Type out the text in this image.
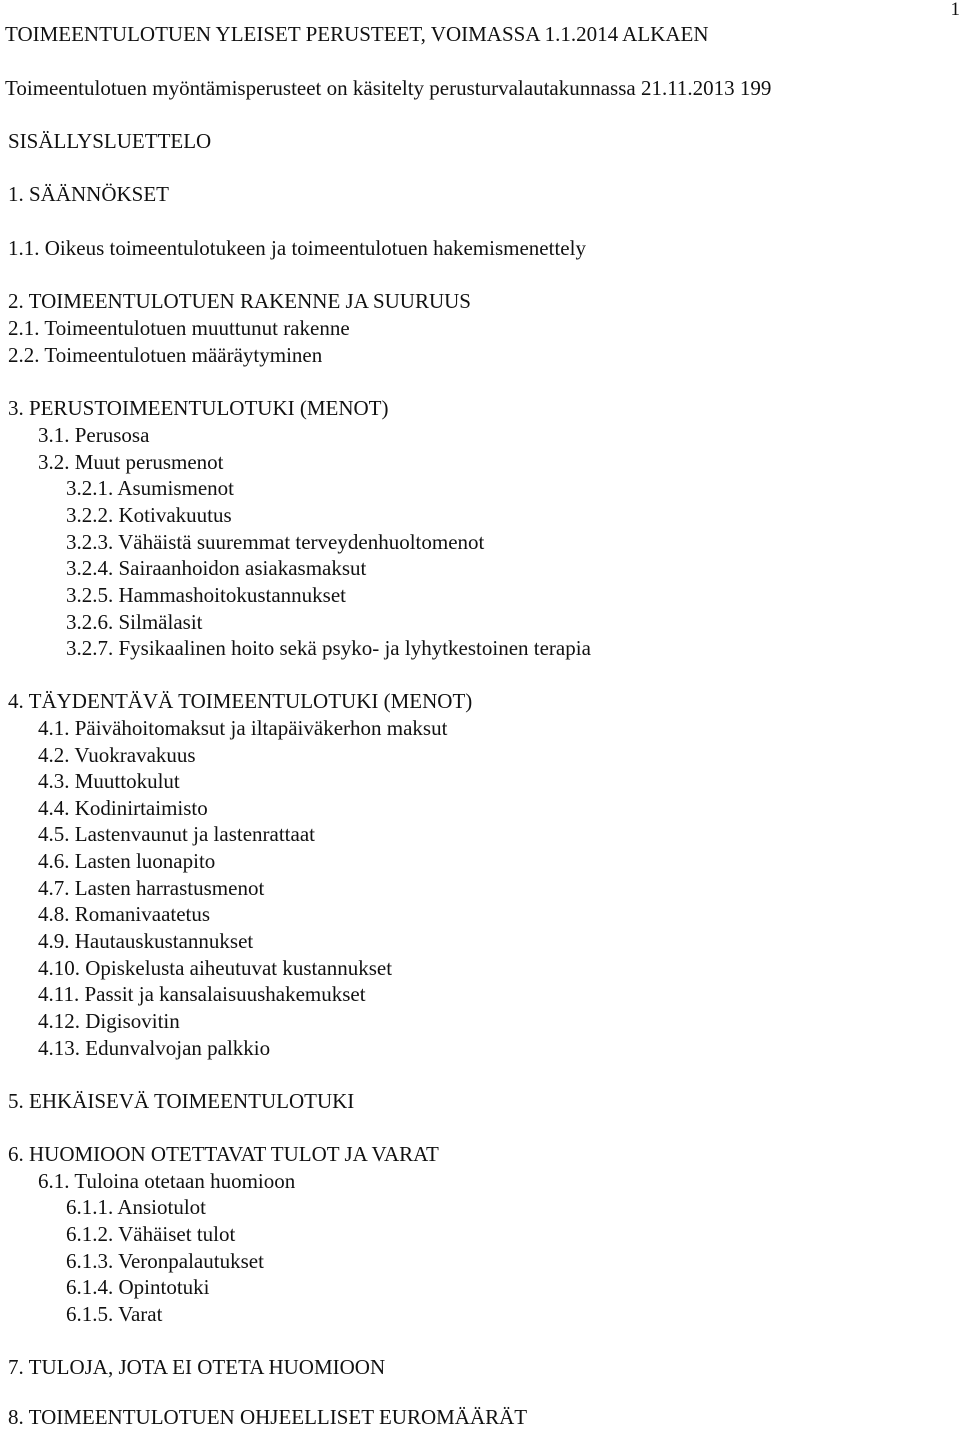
1
TOIMEENTULOTUEN YLEISET PERUSTEET, VOIMASSA 1.1.2014 ALKAEN
Toimeentulotuen myöntämisperusteet on käsitelty perusturvalautakunnassa 21.11.2013 199
SISÄLLYSLUETTELO
1. SÄÄNNÖKSET
1.1. Oikeus toimeentulotukeen ja toimeentulotuen hakemismenettely
2. TOIMEENTULOTUEN RAKENNE JA SUURUUS
2.1. Toimeentulotuen muuttunut rakenne
2.2. Toimeentulotuen määräytyminen
3. PERUSTOIMEENTULOTUKI (MENOT)
3.1. Perusosa
3.2. Muut perusmenot
3.2.1. Asumismenot
3.2.2. Kotivakuutus
3.2.3. Vähäistä suuremmat terveydenhuoltomenot
3.2.4. Sairaanhoidon asiakasmaksut
3.2.5. Hammashoitokustannukset
3.2.6. Silmälasit
3.2.7. Fysikaalinen hoito sekä psyko- ja lyhytkestoinen terapia
4. TÄYDENTÄVÄ TOIMEENTULOTUKI (MENOT)
4.1. Päivähoitomaksut ja iltapäiväkerhon maksut
4.2. Vuokravakuus
4.3. Muuttokulut
4.4. Kodinirtaimisto
4.5. Lastenvaunut ja lastenrattaat
4.6. Lasten luonapito
4.7. Lasten harrastusmenot
4.8. Romanivaatetus
4.9. Hautauskustannukset
4.10. Opiskelusta aiheutuvat kustannukset
4.11. Passit ja kansalaisuushakemukset
4.12. Digisovitin
4.13. Edunvalvojan palkkio
5. EHKÄISEVÄ TOIMEENTULOTUKI
6. HUOMIOON OTETTAVAT TULOT JA VARAT
6.1. Tuloina otetaan huomioon
6.1.1. Ansiotulot
6.1.2. Vähäiset tulot
6.1.3. Veronpalautukset
6.1.4. Opintotuki
6.1.5. Varat
7. TULOJA, JOTA EI OTETA HUOMIOON
8. TOIMEENTULOTUEN OHJEELLISET EUROMÄÄRÄT
